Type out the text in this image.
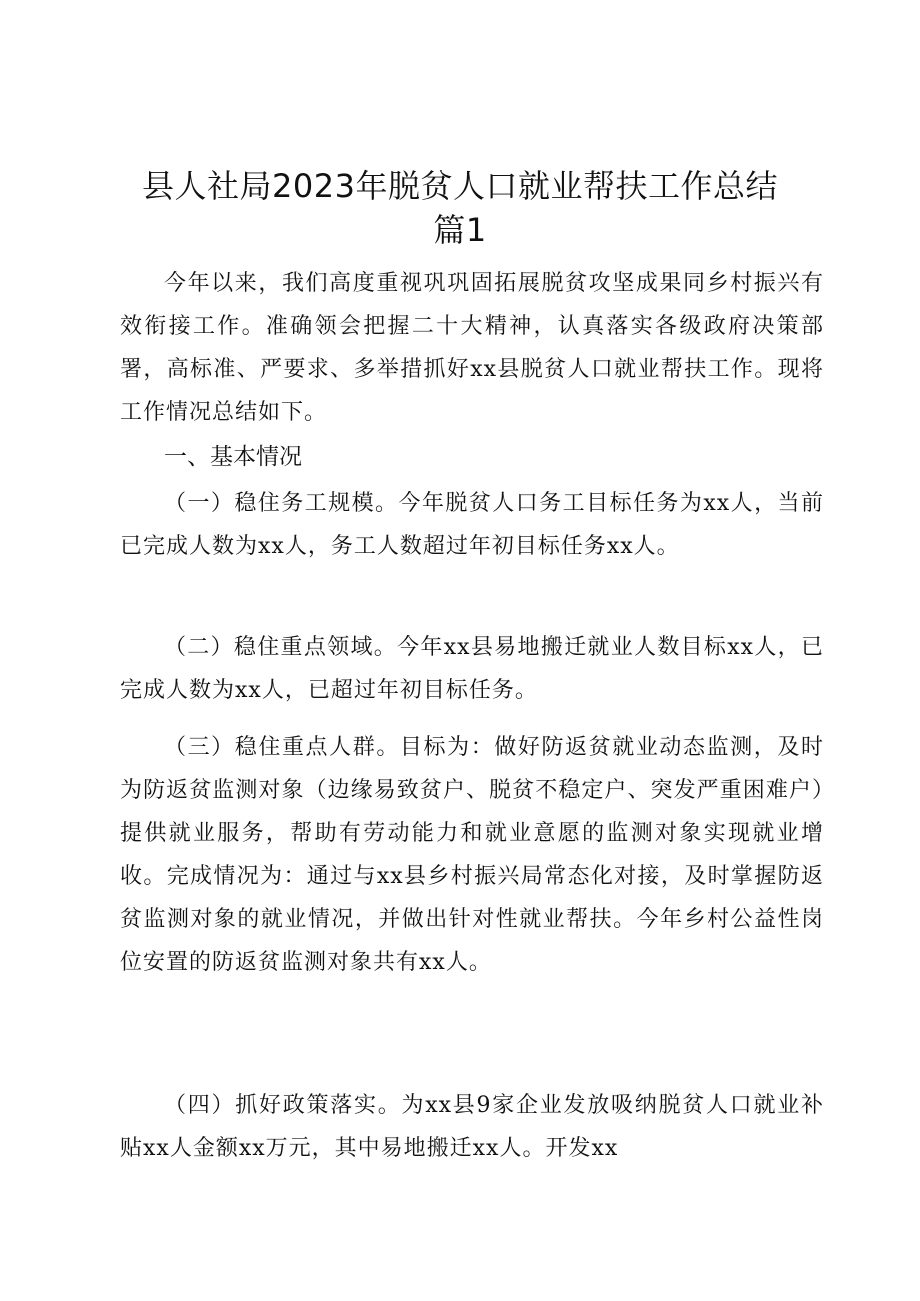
县人社局2023年脱贫人口就业帮扶工作总结
篇1

今年以来，我们高度重视巩巩固拓展脱贫攻坚成果同乡村振兴有效衔接工作。准确领会把握二十大精神，认真落实各级政府决策部署，高标准、严要求、多举措抓好xx县脱贫人口就业帮扶工作。现将工作情况总结如下。

一、基本情况

（一）稳住务工规模。今年脱贫人口务工目标任务为xx人，当前已完成人数为xx人，务工人数超过年初目标任务xx人。

（二）稳住重点领域。今年xx县易地搬迁就业人数目标xx人，已完成人数为xx人，已超过年初目标任务。

（三）稳住重点人群。目标为：做好防返贫就业动态监测，及时为防返贫监测对象（边缘易致贫户、脱贫不稳定户、突发严重困难户）提供就业服务，帮助有劳动能力和就业意愿的监测对象实现就业增收。完成情况为：通过与xx县乡村振兴局常态化对接，及时掌握防返贫监测对象的就业情况，并做出针对性就业帮扶。今年乡村公益性岗位安置的防返贫监测对象共有xx人。

（四）抓好政策落实。为xx县9家企业发放吸纳脱贫人口就业补贴xx人金额xx万元，其中易地搬迁xx人。开发xx
